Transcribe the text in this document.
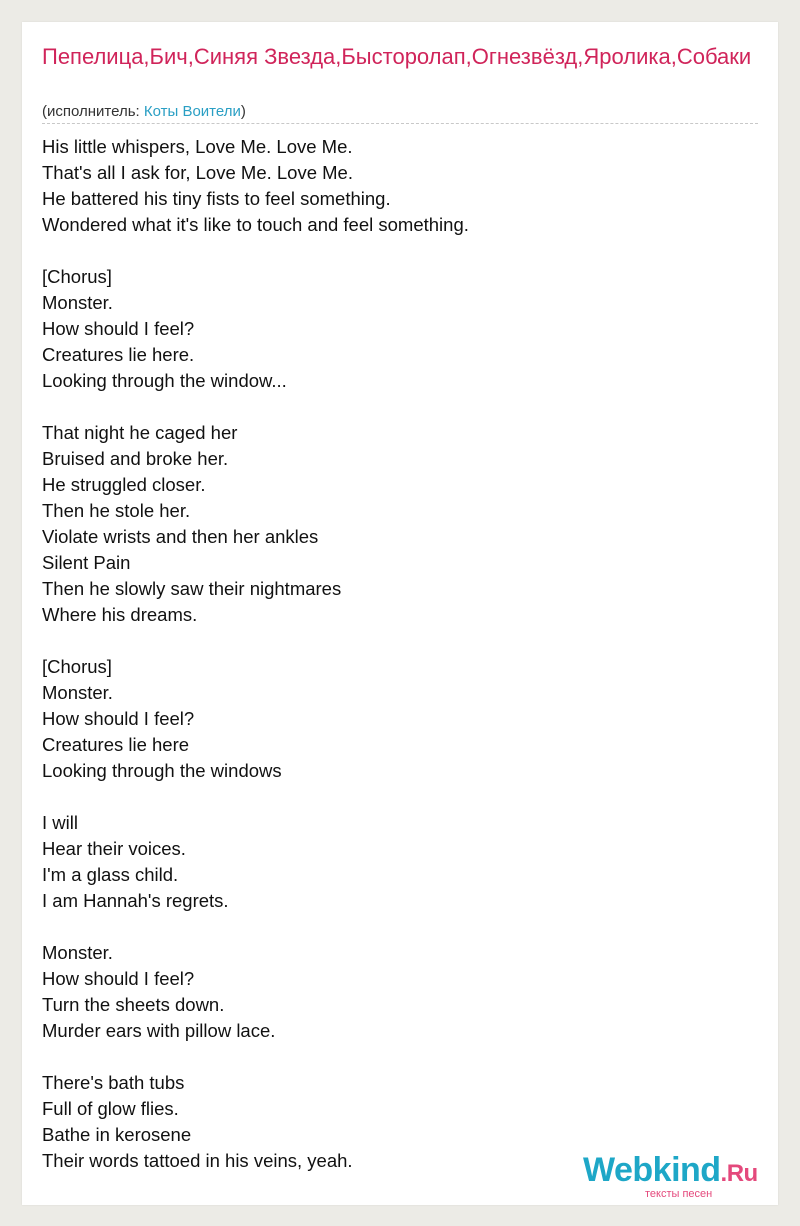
Пепелица,Бич,Синяя Звезда,Бысторолап,Огнезвёзд,Яролика,Собаки
(исполнитель: Коты Воители)
His little whispers, Love Me. Love Me.
That's all I ask for, Love Me. Love Me.
He battered his tiny fists to feel something.
Wondered what it's like to touch and feel something.
[Chorus]
Monster.
How should I feel?
Creatures lie here.
Looking through the window...
That night he caged her
Bruised and broke her.
He struggled closer.
Then he stole her.
Violate wrists and then her ankles
Silent Pain
Then he slowly saw their nightmares
Where his dreams.
[Chorus]
Monster.
How should I feel?
Creatures lie here
Looking through the windows
I will
Hear their voices.
I'm a glass child.
I am Hannah's regrets.
Monster.
How should I feel?
Turn the sheets down.
Murder ears with pillow lace.
There's bath tubs
Full of glow flies.
Bathe in kerosene
Their words tattoed in his veins, yeah.	Webkind.Ru
тексты песен
